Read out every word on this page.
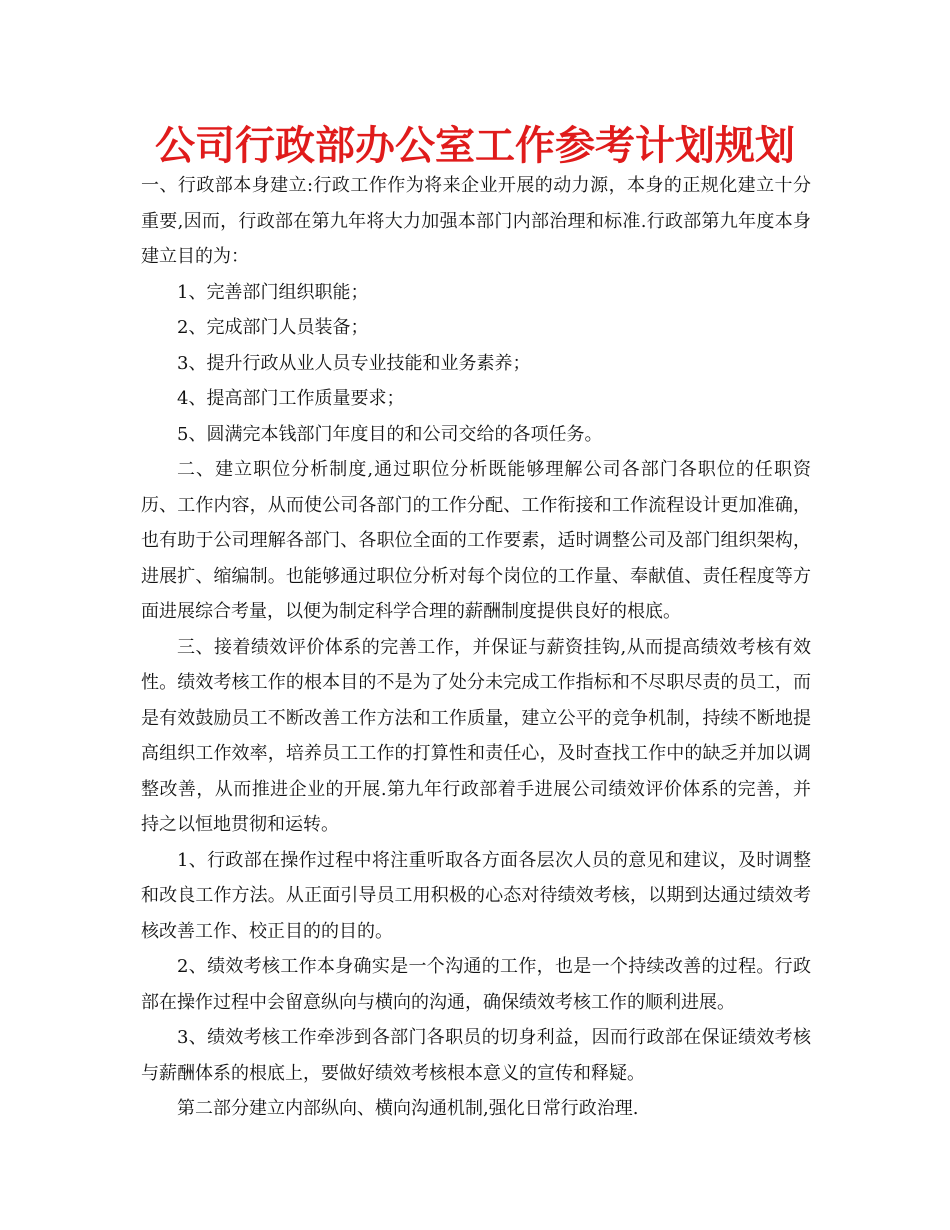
公司行政部办公室工作参考计划规划

一、行政部本身建立:行政工作作为将来企业开展的动力源，本身的正规化建立十分重要,因而，行政部在第九年将大力加强本部门内部治理和标准.行政部第九年度本身建立目的为：

1、完善部门组织职能；

2、完成部门人员装备；

3、提升行政从业人员专业技能和业务素养；

4、提高部门工作质量要求；

5、圆满完本钱部门年度目的和公司交给的各项任务。

二、建立职位分析制度,通过职位分析既能够理解公司各部门各职位的任职资历、工作内容，从而使公司各部门的工作分配、工作衔接和工作流程设计更加准确，也有助于公司理解各部门、各职位全面的工作要素，适时调整公司及部门组织架构，进展扩、缩编制。也能够通过职位分析对每个岗位的工作量、奉献值、责任程度等方面进展综合考量，以便为制定科学合理的薪酬制度提供良好的根底。

三、接着绩效评价体系的完善工作，并保证与薪资挂钩,从而提高绩效考核有效性。绩效考核工作的根本目的不是为了处分未完成工作指标和不尽职尽责的员工，而是有效鼓励员工不断改善工作方法和工作质量，建立公平的竞争机制，持续不断地提高组织工作效率，培养员工工作的打算性和责任心，及时查找工作中的缺乏并加以调整改善，从而推进企业的开展.第九年行政部着手进展公司绩效评价体系的完善，并持之以恒地贯彻和运转。

1、行政部在操作过程中将注重听取各方面各层次人员的意见和建议，及时调整和改良工作方法。从正面引导员工用积极的心态对待绩效考核，以期到达通过绩效考核改善工作、校正目的的目的。

2、绩效考核工作本身确实是一个沟通的工作，也是一个持续改善的过程。行政部在操作过程中会留意纵向与横向的沟通，确保绩效考核工作的顺利进展。

3、绩效考核工作牵涉到各部门各职员的切身利益，因而行政部在保证绩效考核与薪酬体系的根底上，要做好绩效考核根本意义的宣传和释疑。

第二部分建立内部纵向、横向沟通机制,强化日常行政治理.
